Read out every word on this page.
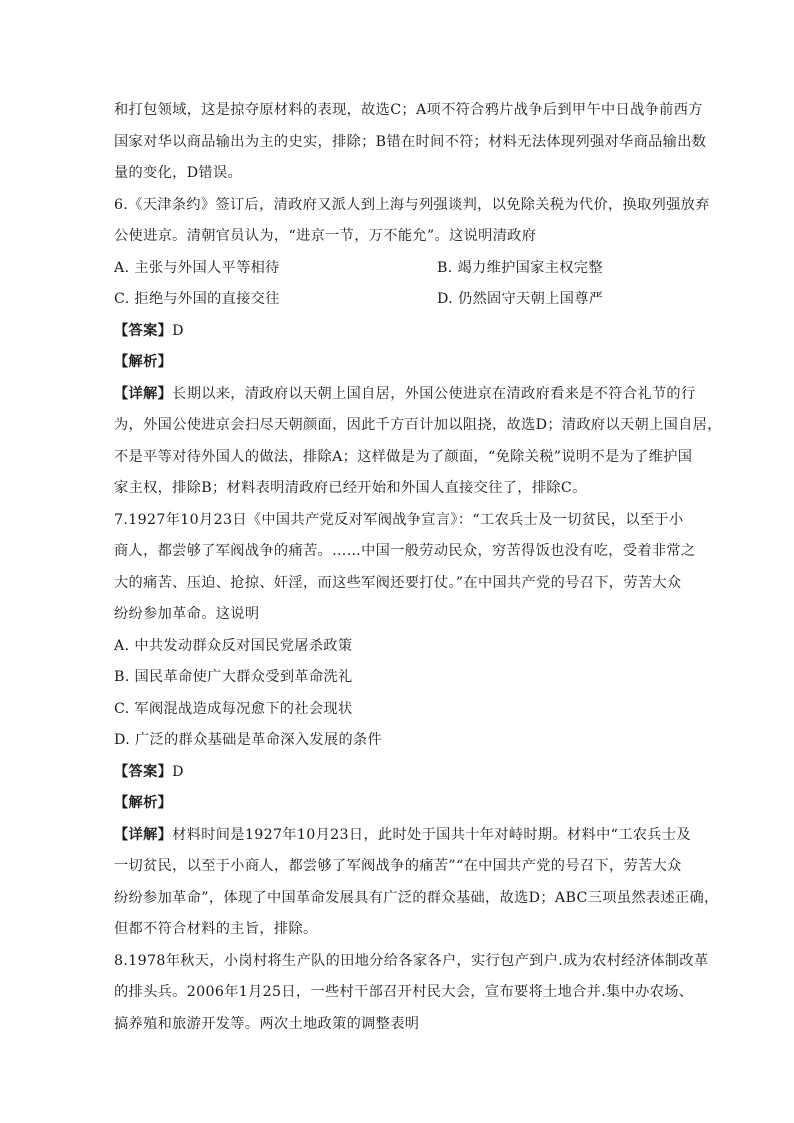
和打包领域，这是掠夺原材料的表现，故选C；A项不符合鸦片战争后到甲午中日战争前西方
国家对华以商品输出为主的史实，排除；B错在时间不符；材料无法体现列强对华商品输出数
量的变化，D错误。
6.《天津条约》签订后，清政府又派人到上海与列强谈判，以免除关税为代价，换取列强放弃
公使进京。清朝官员认为，“进京一节，万不能允”。这说明清政府
A. 主张与外国人平等相待	B. 竭力维护国家主权完整
C. 拒绝与外国的直接交往	D. 仍然固守天朝上国尊严
【答案】D
【解析】
【详解】长期以来，清政府以天朝上国自居，外国公使进京在清政府看来是不符合礼节的行
为，外国公使进京会扫尽天朝颜面，因此千方百计加以阻挠，故选D；清政府以天朝上国自居，
不是平等对待外国人的做法，排除A；这样做是为了颜面，“免除关税”说明不是为了维护国
家主权，排除B；材料表明清政府已经开始和外国人直接交往了，排除C。
7.1927年10月23日《中国共产党反对军阀战争宣言》：“工农兵士及一切贫民，以至于小
商人，都尝够了军阀战争的痛苦。……中国一般劳动民众，穷苦得饭也没有吃，受着非常之
大的痛苦、压迫、抢掠、奸淫，而这些军阀还要打仗。”在中国共产党的号召下，劳苦大众
纷纷参加革命。这说明
A. 中共发动群众反对国民党屠杀政策
B. 国民革命使广大群众受到革命洗礼
C. 军阀混战造成每况愈下的社会现状
D. 广泛的群众基础是革命深入发展的条件
【答案】D
【解析】
【详解】材料时间是1927年10月23日，此时处于国共十年对峙时期。材料中“工农兵士及
一切贫民，以至于小商人，都尝够了军阀战争的痛苦”“在中国共产党的号召下，劳苦大众
纷纷参加革命”，体现了中国革命发展具有广泛的群众基础，故选D；ABC三项虽然表述正确，
但都不符合材料的主旨，排除。
8.1978年秋天，小岗村将生产队的田地分给各家各户，实行包产到户.成为农村经济体制改革
的排头兵。2006年1月25日，一些村干部召开村民大会，宣布要将土地合并.集中办农场、
搞养殖和旅游开发等。两次土地政策的调整表明
